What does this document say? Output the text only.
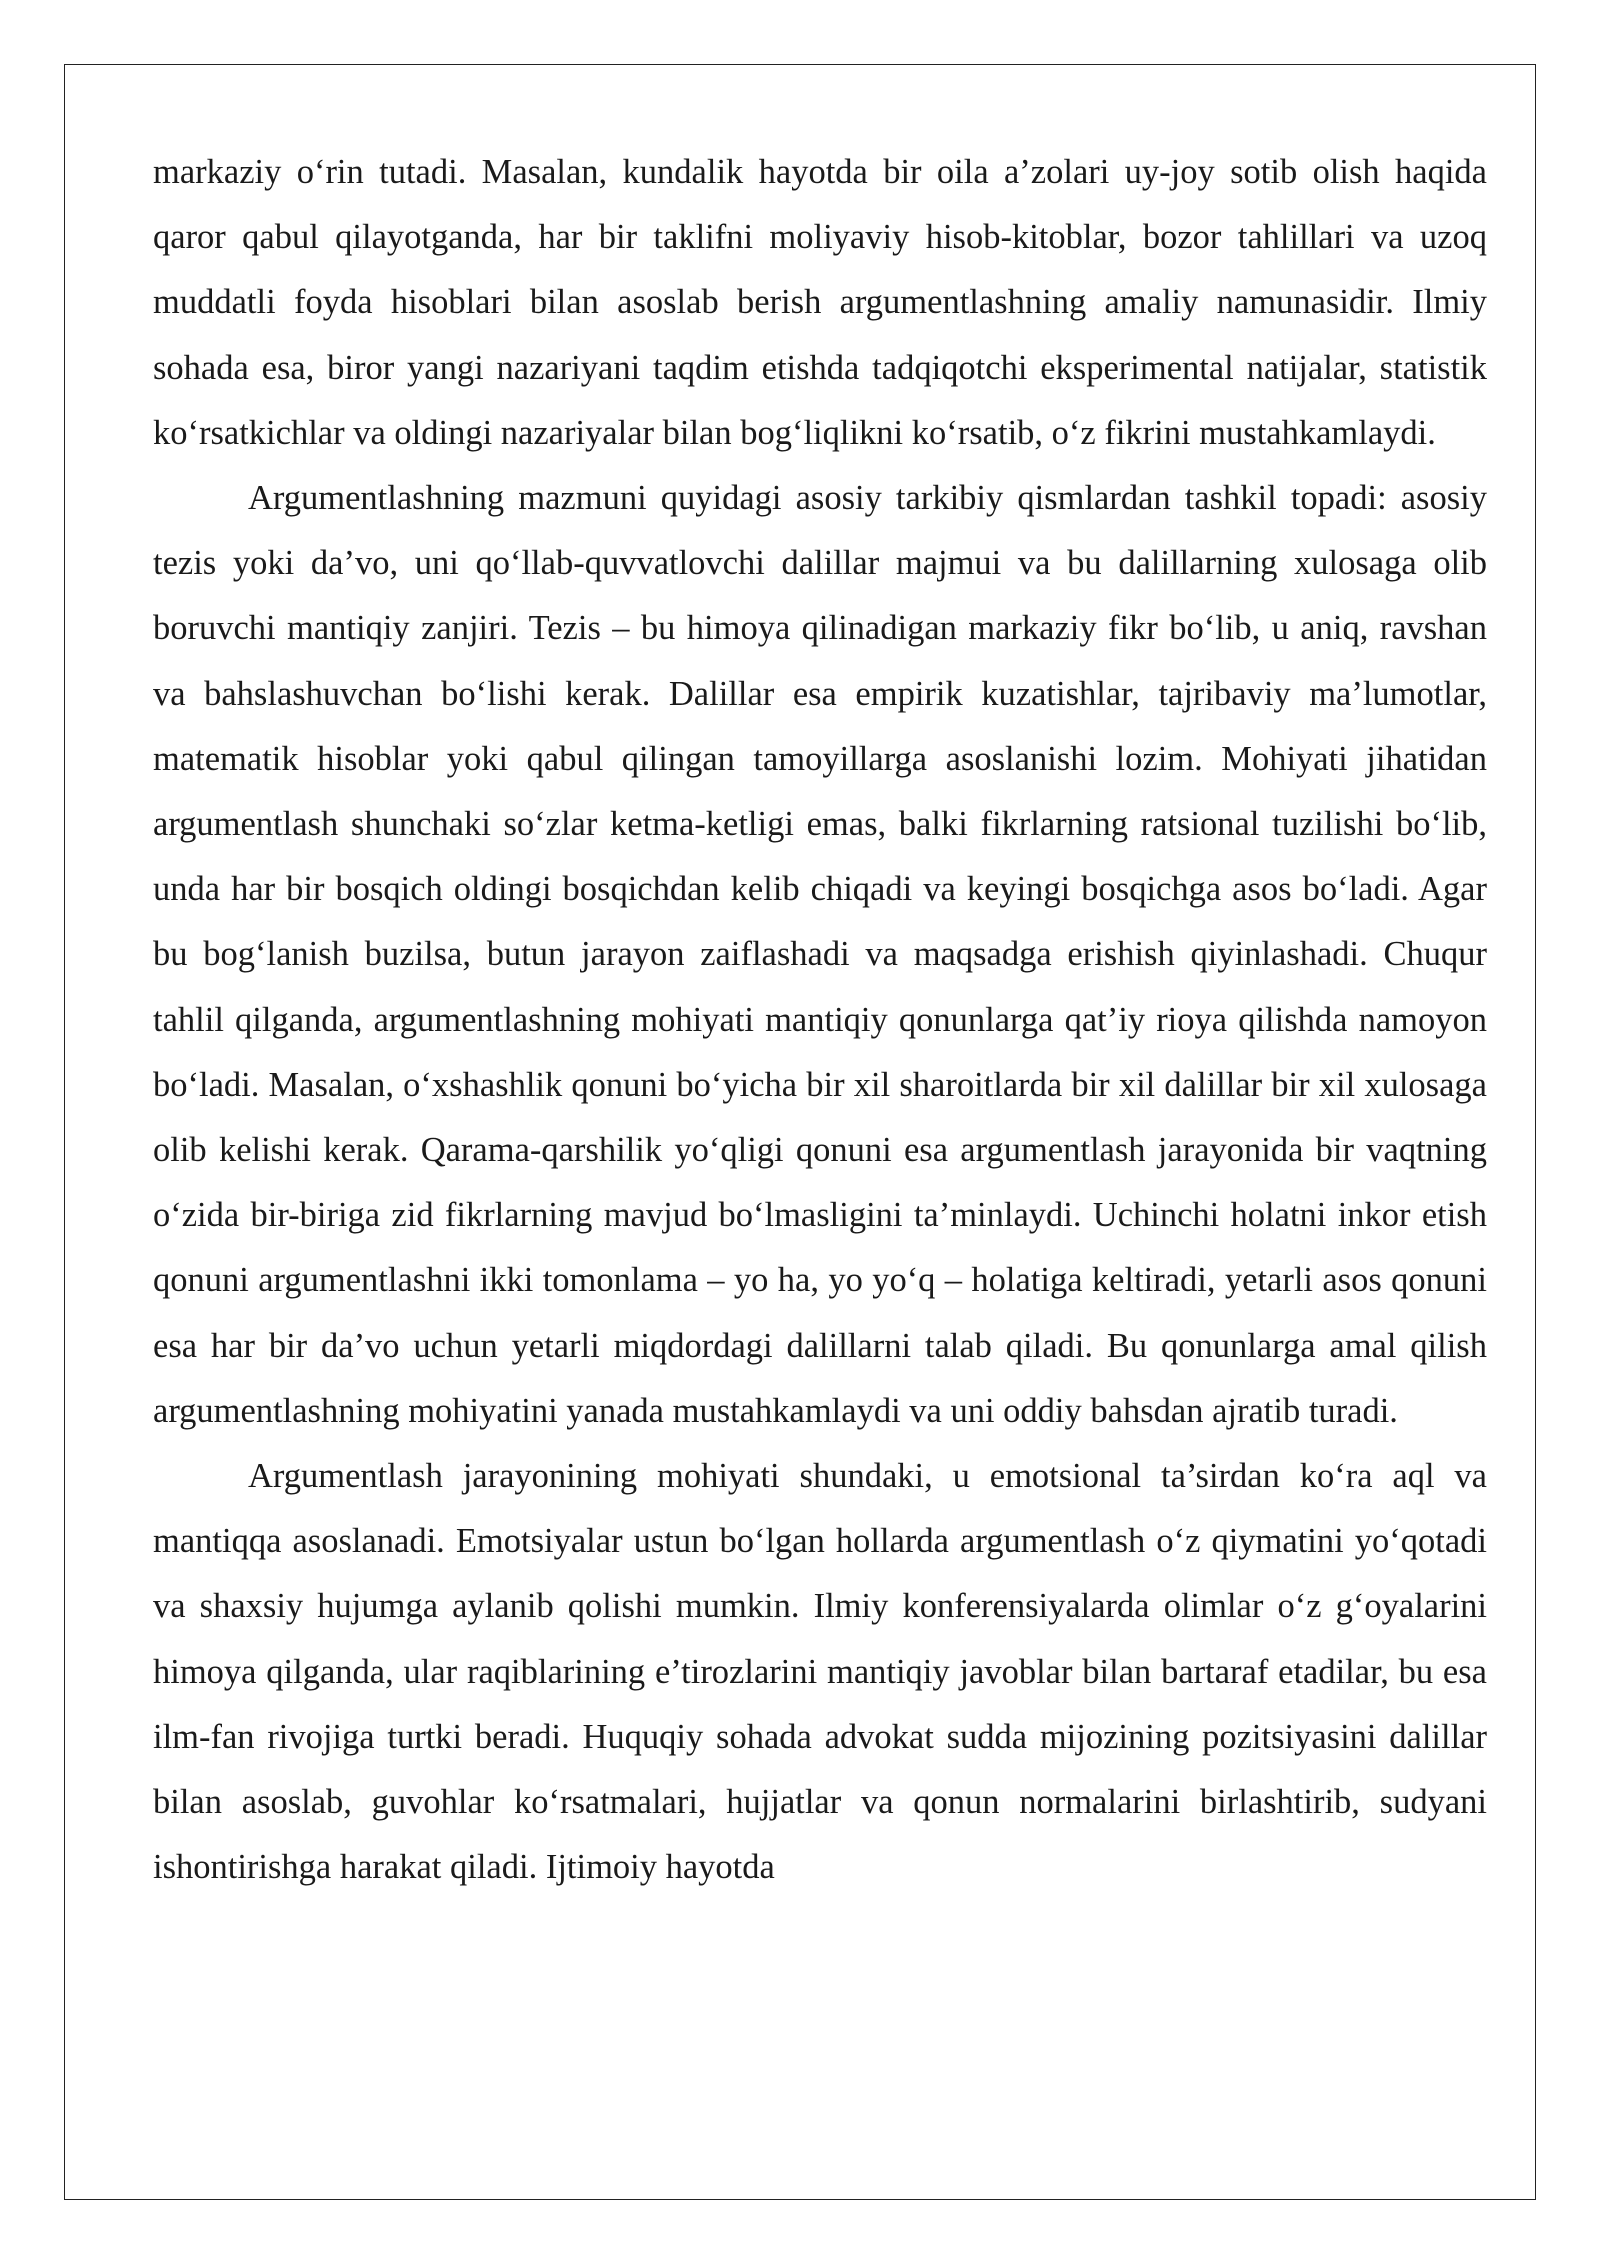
markaziy o‘rin tutadi. Masalan, kundalik hayotda bir oila a’zolari uy-joy sotib olish haqida qaror qabul qilayotganda, har bir taklifni moliyaviy hisob-kitoblar, bozor tahlillari va uzoq muddatli foyda hisoblari bilan asoslab berish argumentlashning amaliy namunasidir. Ilmiy sohada esa, biror yangi nazariyani taqdim etishda tadqiqotchi eksperimental natijalar, statistik ko‘rsatkichlar va oldingi nazariyalar bilan bog‘liqlikni ko‘rsatib, o‘z fikrini mustahkamlaydi.

Argumentlashning mazmuni quyidagi asosiy tarkibiy qismlardan tashkil topadi: asosiy tezis yoki da’vo, uni qo‘llab-quvvatlovchi dalillar majmui va bu dalillarning xulosaga olib boruvchi mantiqiy zanjiri. Tezis – bu himoya qilinadigan markaziy fikr bo‘lib, u aniq, ravshan va bahslashuvchan bo‘lishi kerak. Dalillar esa empirik kuzatishlar, tajribaviy ma’lumotlar, matematik hisoblar yoki qabul qilingan tamoyillarga asoslanishi lozim. Mohiyati jihatidan argumentlash shunchaki so‘zlar ketma-ketligi emas, balki fikrlarning ratsional tuzilishi bo‘lib, unda har bir bosqich oldingi bosqichdan kelib chiqadi va keyingi bosqichga asos bo‘ladi. Agar bu bog‘lanish buzilsa, butun jarayon zaiflashadi va maqsadga erishish qiyinlashadi. Chuqur tahlil qilganda, argumentlashning mohiyati mantiqiy qonunlarga qat’iy rioya qilishda namoyon bo‘ladi. Masalan, o‘xshashlik qonuni bo‘yicha bir xil sharoitlarda bir xil dalillar bir xil xulosaga olib kelishi kerak. Qarama-qarshilik yo‘qligi qonuni esa argumentlash jarayonida bir vaqtning o‘zida bir-biriga zid fikrlarning mavjud bo‘lmasligini ta’minlaydi. Uchinchi holatni inkor etish qonuni argumentlashni ikki tomonlama – yo ha, yo yo‘q – holatiga keltiradi, yetarli asos qonuni esa har bir da’vo uchun yetarli miqdordagi dalillarni talab qiladi. Bu qonunlarga amal qilish argumentlashning mohiyatini yanada mustahkamlaydi va uni oddiy bahsdan ajratib turadi.

Argumentlash jarayonining mohiyati shundaki, u emotsional ta’sirdan ko‘ra aql va mantiqqa asoslanadi. Emotsiyalar ustun bo‘lgan hollarda argumentlash o‘z qiymatini yo‘qotadi va shaxsiy hujumga aylanib qolishi mumkin. Ilmiy konferensiyalarda olimlar o‘z g‘oyalarini himoya qilganda, ular raqiblarining e’tirozlarini mantiqiy javoblar bilan bartaraf etadilar, bu esa ilm-fan rivojiga turtki beradi. Huquqiy sohada advokat sudda mijozining pozitsiyasini dalillar bilan asoslab, guvohlar ko‘rsatmalari, hujjatlar va qonun normalarini birlashtirib, sudyani ishontirishga harakat qiladi. Ijtimoiy hayotda
